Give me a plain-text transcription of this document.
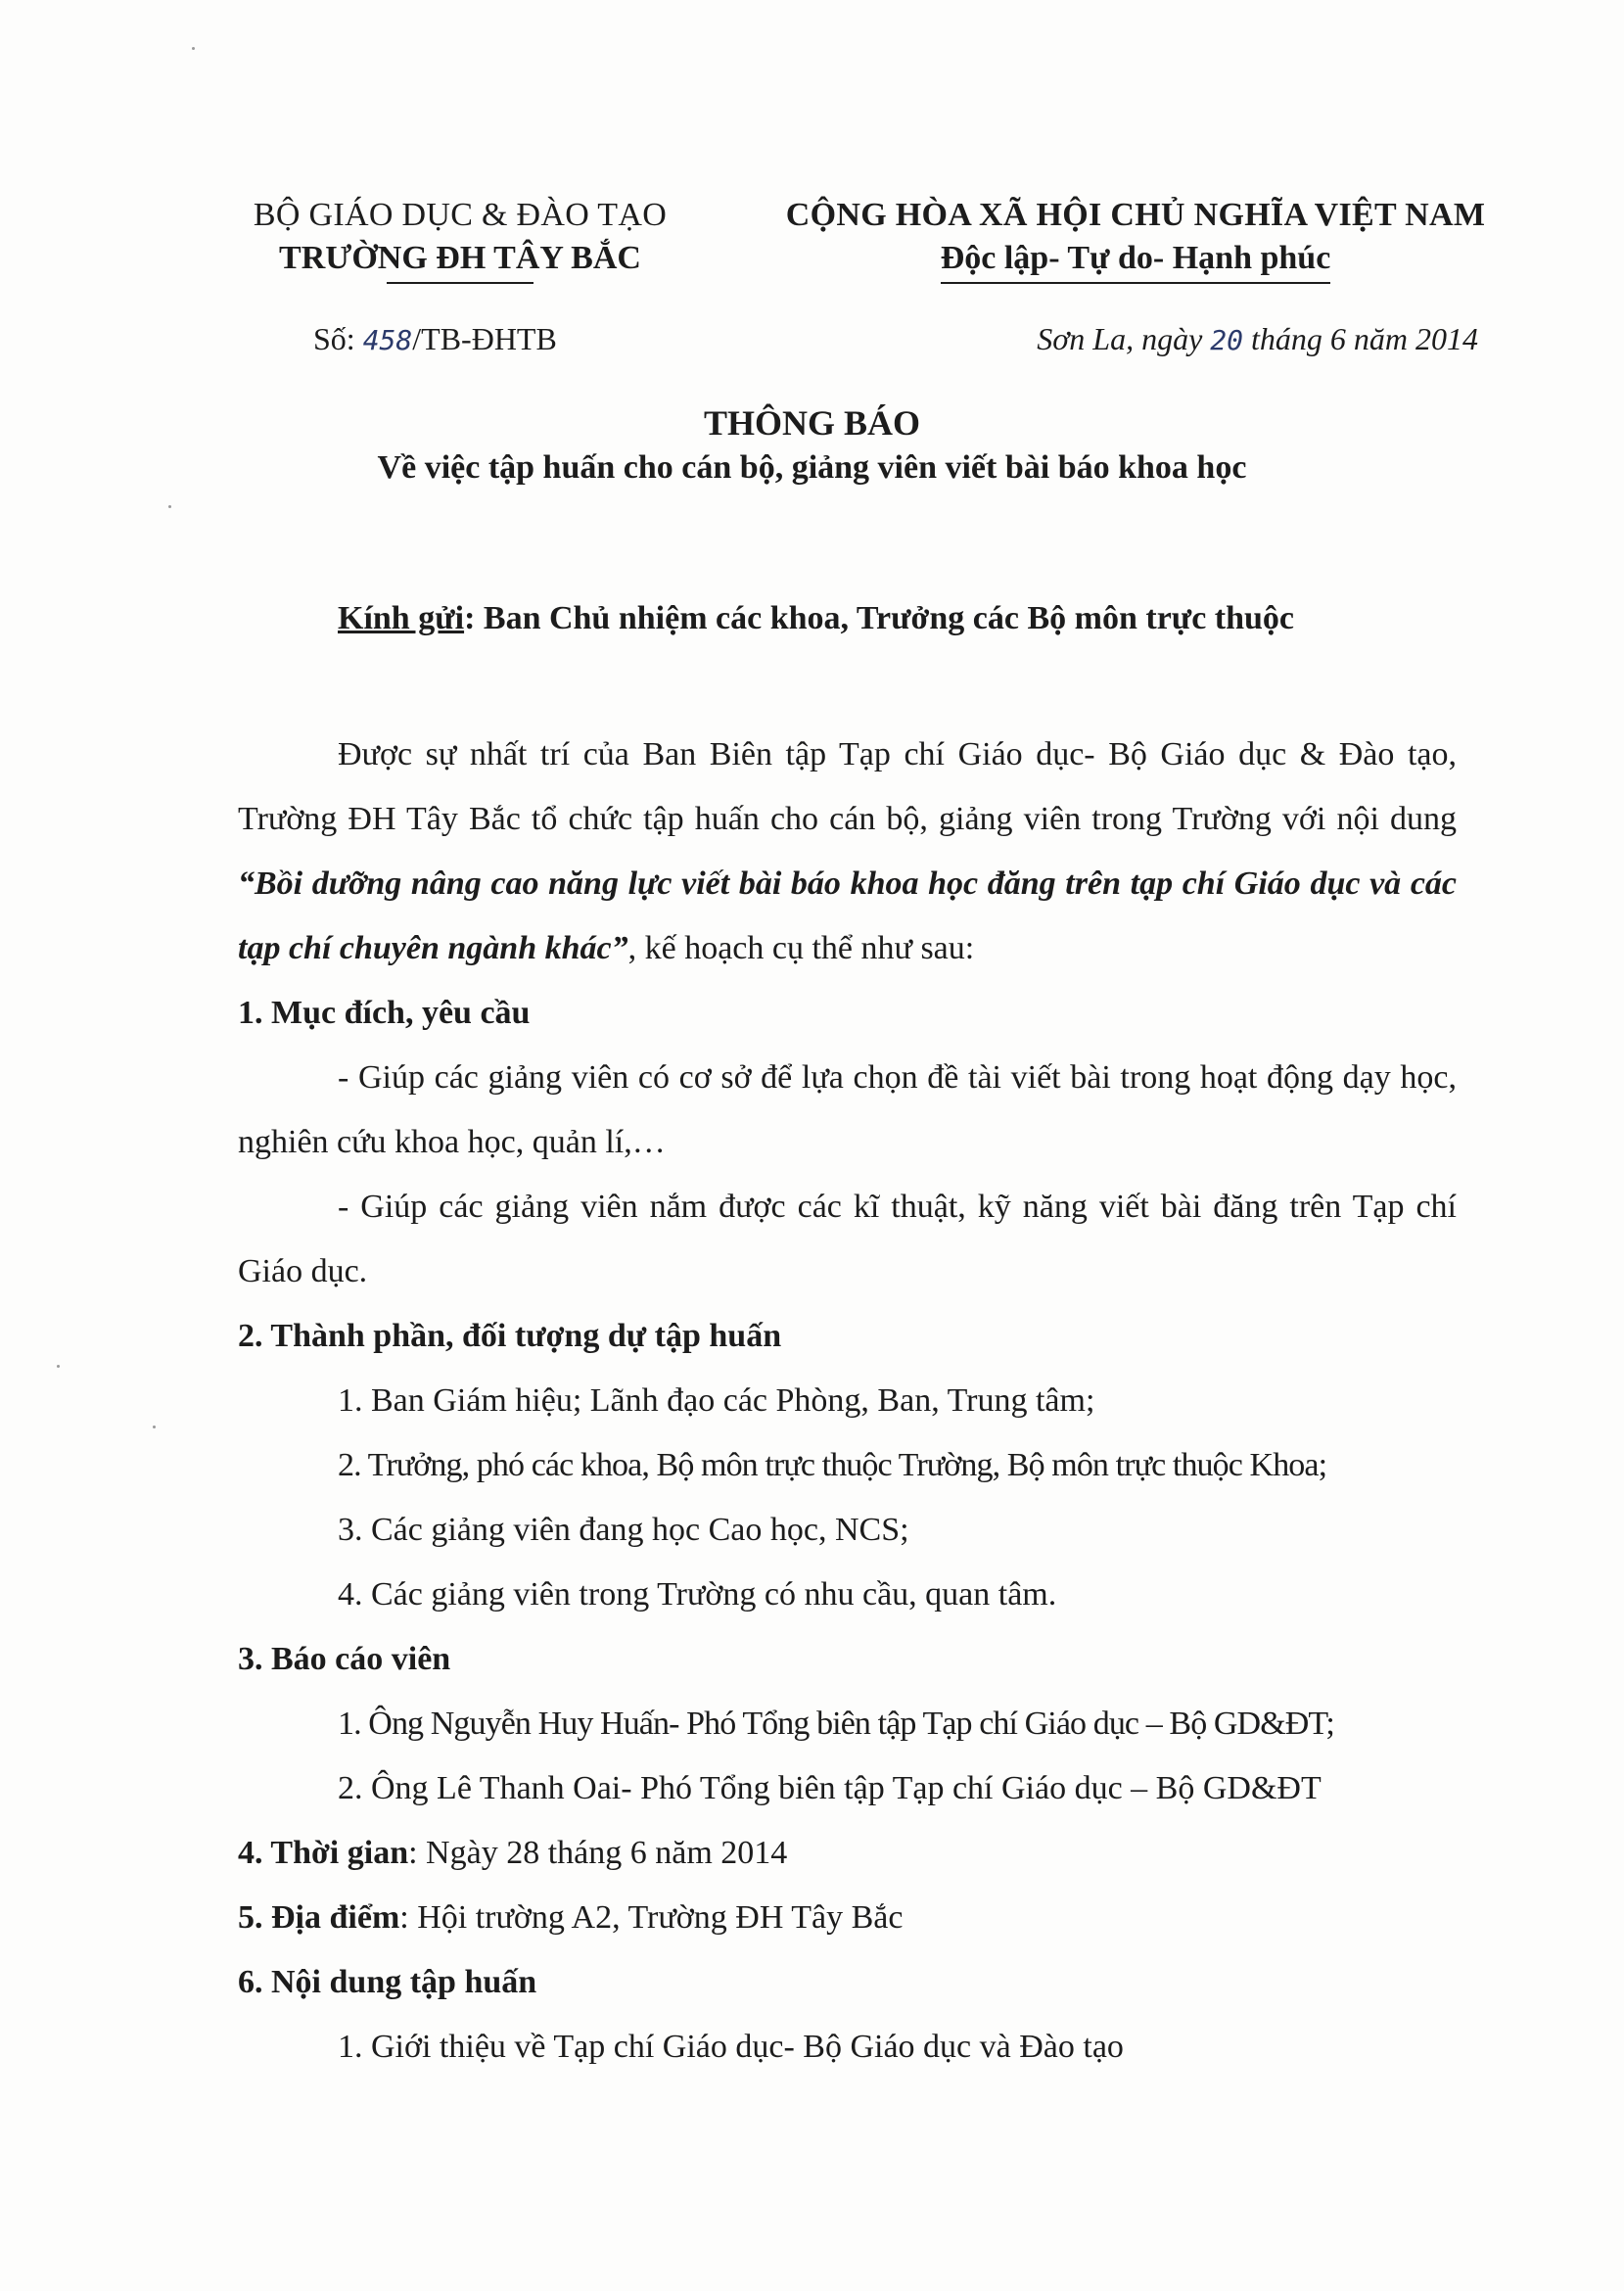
BỘ GIÁO DỤC & ĐÀO TẠO
TRƯỜNG ĐH TÂY BẮC
CỘNG HÒA XÃ HỘI CHỦ NGHĨA VIỆT NAM
Độc lập- Tự do- Hạnh phúc
Số: 458/TB-ĐHTB	Sơn La, ngày 20 tháng 6 năm 2014
THÔNG BÁO
Về việc tập huấn cho cán bộ, giảng viên viết bài báo khoa học
Kính gửi: Ban Chủ nhiệm các khoa, Trưởng các Bộ môn trực thuộc

Được sự nhất trí của Ban Biên tập Tạp chí Giáo dục- Bộ Giáo dục & Đào tạo, Trường ĐH Tây Bắc tổ chức tập huấn cho cán bộ, giảng viên trong Trường với nội dung “Bồi dưỡng nâng cao năng lực viết bài báo khoa học đăng trên tạp chí Giáo dục và các tạp chí chuyên ngành khác”, kế hoạch cụ thể như sau:

1. Mục đích, yêu cầu

- Giúp các giảng viên có cơ sở để lựa chọn đề tài viết bài trong hoạt động dạy học, nghiên cứu khoa học, quản lí,…

- Giúp các giảng viên nắm được các kĩ thuật, kỹ năng viết bài đăng trên Tạp chí Giáo dục.

2. Thành phần, đối tượng dự tập huấn

1. Ban Giám hiệu; Lãnh đạo các Phòng, Ban, Trung tâm;

2. Trưởng, phó các khoa, Bộ môn trực thuộc Trường, Bộ môn trực thuộc Khoa;

3. Các giảng viên đang học Cao học, NCS;

4. Các giảng viên trong Trường có nhu cầu, quan tâm.

3. Báo cáo viên

1. Ông Nguyễn Huy Huấn- Phó Tổng biên tập Tạp chí Giáo dục – Bộ GD&ĐT;

2. Ông Lê Thanh Oai- Phó Tổng biên tập Tạp chí Giáo dục – Bộ GD&ĐT

4. Thời gian: Ngày 28 tháng 6 năm 2014

5. Địa điểm: Hội trường A2, Trường ĐH Tây Bắc

6. Nội dung tập huấn

1. Giới thiệu về Tạp chí Giáo dục- Bộ Giáo dục và Đào tạo
